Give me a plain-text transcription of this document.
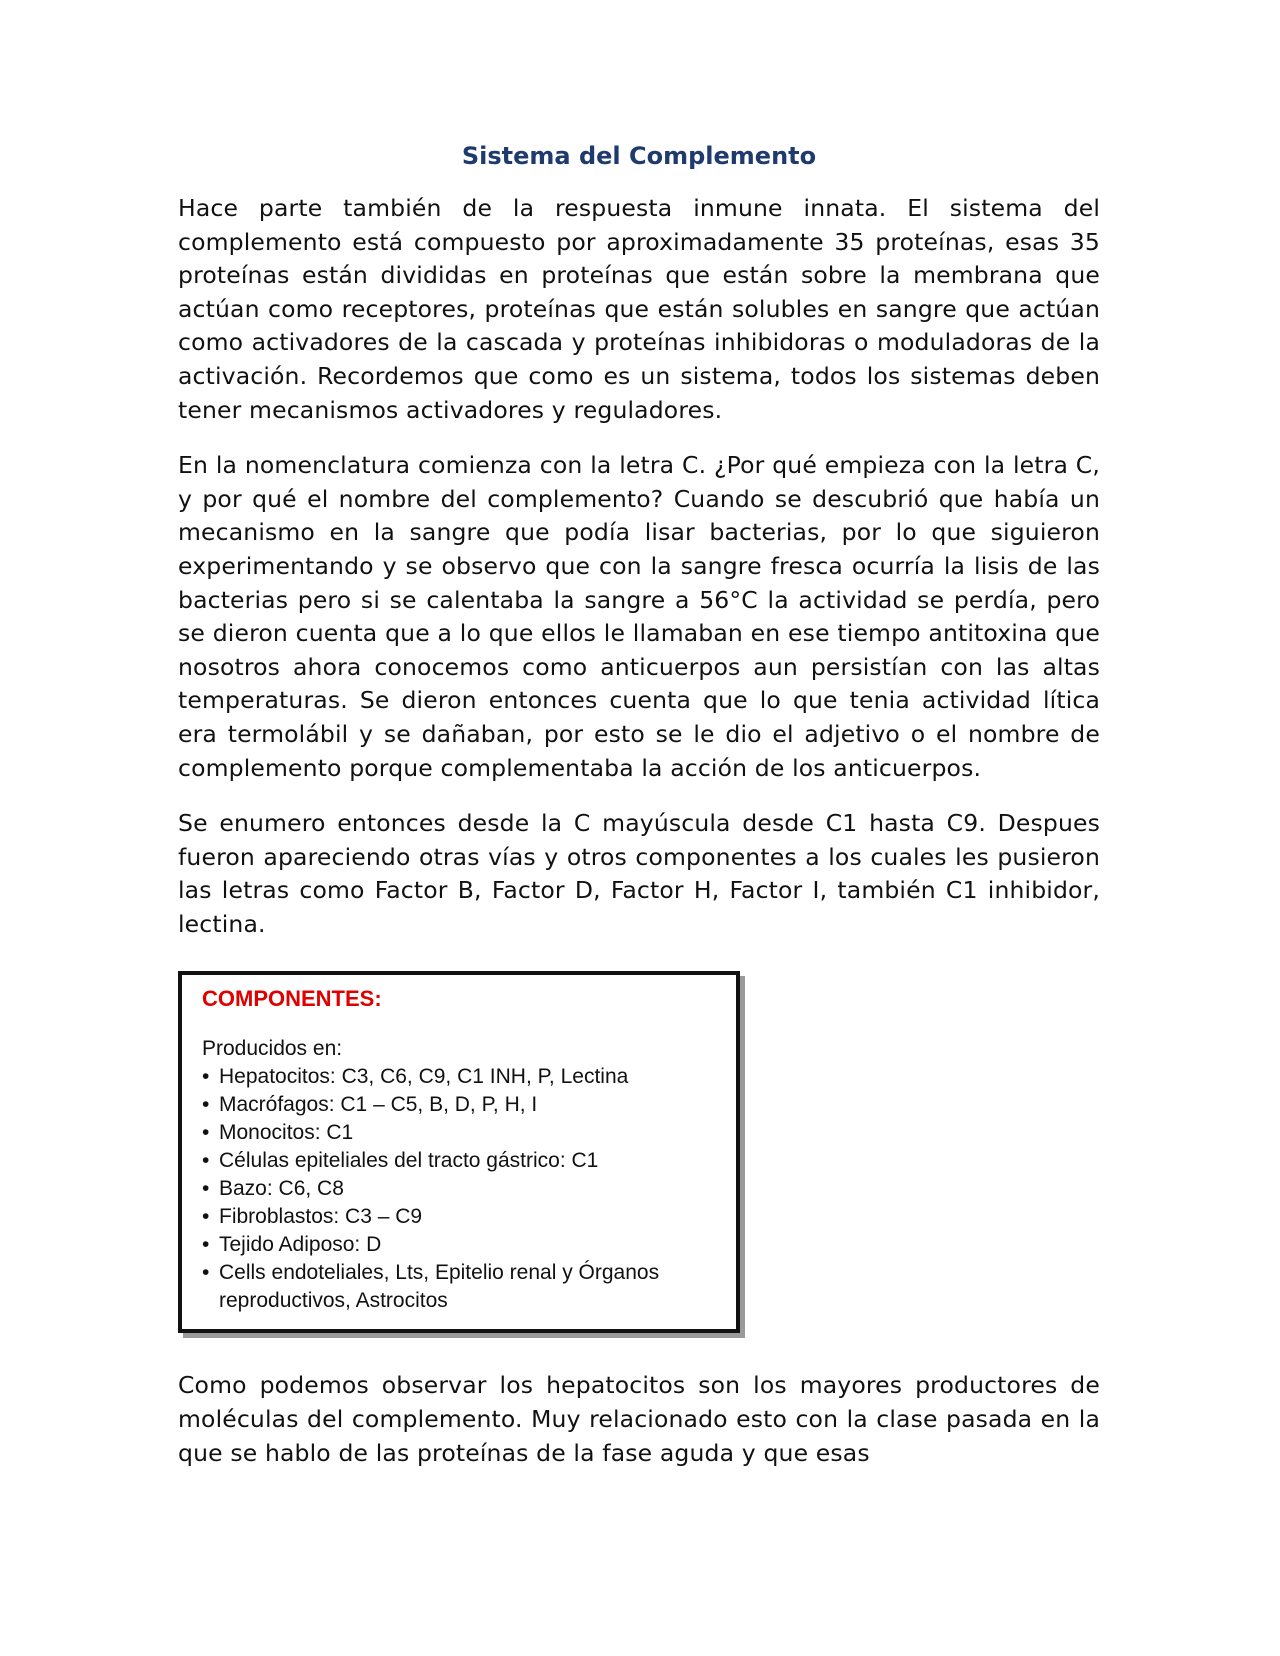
Sistema del Complemento

Hace parte también de la respuesta inmune innata. El sistema del complemento está compuesto por aproximadamente 35 proteínas, esas 35 proteínas están divididas en proteínas que están sobre la membrana que actúan como receptores, proteínas que están solubles en sangre que actúan como activadores de la cascada y proteínas inhibidoras o moduladoras de la activación. Recordemos que como es un sistema, todos los sistemas deben tener mecanismos activadores y reguladores.

En la nomenclatura comienza con la letra C. ¿Por qué empieza con la letra C, y por qué el nombre del complemento? Cuando se descubrió que había un mecanismo en la sangre que podía lisar bacterias, por lo que siguieron experimentando y se observo que con la sangre fresca ocurría la lisis de las bacterias pero si se calentaba la sangre a 56°C la actividad se perdía, pero se dieron cuenta que a lo que ellos le llamaban en ese tiempo antitoxina que nosotros ahora conocemos como anticuerpos aun persistían con las altas temperaturas. Se dieron entonces cuenta que lo que tenia actividad lítica era termolábil y se dañaban, por esto se le dio el adjetivo o el nombre de complemento porque complementaba la acción de los anticuerpos.

Se enumero entonces desde la C mayúscula desde C1 hasta C9. Despues fueron apareciendo otras vías y otros componentes a los cuales les pusieron las letras como Factor B, Factor D, Factor H, Factor I, también C1 inhibidor, lectina.

COMPONENTES:
Producidos en:
• Hepatocitos: C3, C6, C9, C1 INH, P, Lectina
• Macrófagos: C1 – C5, B, D, P, H, I
• Monocitos: C1
• Células epiteliales del tracto gástrico: C1
• Bazo: C6, C8
• Fibroblastos: C3 – C9
• Tejido Adiposo: D
• Cells endoteliales, Lts, Epitelio renal y Órganos reproductivos, Astrocitos

Como podemos observar los hepatocitos son los mayores productores de moléculas del complemento. Muy relacionado esto con la clase pasada en la que se hablo de las proteínas de la fase aguda y que esas
